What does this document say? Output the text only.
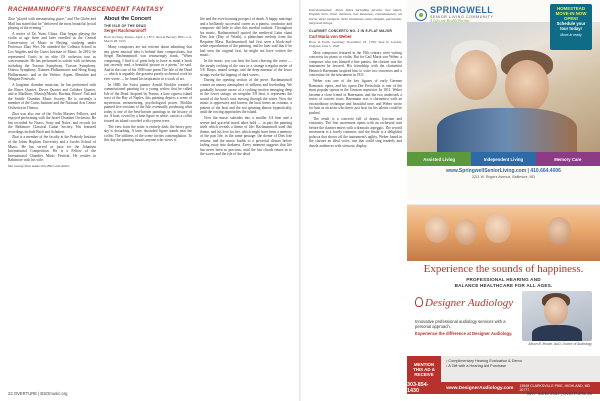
RACHMANINOFF'S TRANSCENDENT FANTASY

Zhai "played with mesmerizing grace," and The Globe and Mail has stated that he "delivered the most beautiful lyrical playing of the evening."

A native of Tai Yuan, China, Zhai began playing the violin at age three and later enrolled in the Central Conservatory of Music in Beijing, studying under Professor Zhao Wei. He attended the Colburn School in Los Angeles and the Curtis Institute of Music. In 2010, he represented Curtis in an elite US orchestra tour as concertmaster. He has performed as soloist with orchestras including the Toronto Symphony, Tucson Symphony, Ottawa Symphony, Xiamen Philharmonic and Hong Kong Philharmonic, and at the Verbier, Aspen, Menuhin and Wingate Festivals.

A longtime chamber musician, he has performed with the Ehnes Quartet, Dover Quartet and Calidore Quartet, and at Marlboro, Music@Menlo, Ravinia, Bravo! Vail and the Seattle Chamber Music Society. He is currently a member of the Curtis Institute and the National Arts Centre Orchestra in Ottawa.

Zhai was also one of the Violin Masters Fellows, and enjoyed performing with the Israel Chamber Orchestra. He has recorded for Naxos, Sony and Naïve, and records for the Baltimore Classical Guitar Society. His featured recordings include Bach and Schubert.

Zhai is a member of the faculty at the Peabody Institute of the Johns Hopkins University and a Jacobs School of Music. He has served as juror for the Johansen International Competition. He is a Fellow of the International Chamber Music Festival. He resides in Baltimore with his wife.

Yao Guang Zhai makes this BSO solo debut.

About the Concert
THE ISLE OF THE DEAD
Sergei Rachmaninoff
Born in Oneg, Russia, April 1, 1873; died in Beverly Hills, CA, March 28, 1943

Many composers are not reticent about admitting that any given musical idea is behind their compositions, but Sergei Rachmaninoff was reassuringly frank. "When composing, I find it of great help to have in mind a book just recently read, a beautiful picture or a poem," he said. And in the case of his 1909 tone poem The Isle of the Dead — which is arguably the greatest purely orchestral work he ever wrote — he found his inspiration in a work of art.

In 1880, the Swiss painter Arnold Böcklin created a commissioned painting for a young widow that he called Isle of the Dead. Inspired by Pontus, a lone cypress island west of the Bay of Naples, this painting depicts a scene of mysterious, mesmerizing, psychological power. Böcklin painted five versions of the Isle, eventually producing what today is one of the best-known paintings in the history of art. A boat, rowed by a lone figure in white, carries a coffin toward an island crowded with cypress trees.

The view from the water is entirely dark; the heavy grey sky is disturbing. A lone, shrouded figure stands near the coffin. The stillness of the scene invites contemplation. To this day the painting haunts anyone who views it.

life and the ever-looming prospect of death. A happy marriage and a brilliantly successful career as a pianist, conductor and composer did little to alter this morbid outlook. Throughout his music, Rachmaninoff quoted the medieval Latin chant Dies Irae (Day of Wrath), a plainchant melody from the Requiem Mass. Rachmaninoff had first seen a black-and-white reproduction of the painting, and he later said that if he had seen the original first, he might not have written the music.

In the music you can hear the boat cleaving the water — the steady rocking of the oars in a strange irregular meter of 5/8. Harps, muted strings, and the deep murmur of the lower strings evoke the lapping of dark waves.

During the opening section of the piece, Rachmaninoff creates an uneasy atmosphere of stillness and foreboding. We gradually become aware of a rocking motion emerging deep in the lower strings: an irregular 5/8 beat, it represents the sound of the boat's oars moving through the water. Now the music is oppressive and barren; the boat forms an ostinato, a pattern of the boat and the sea spinning almost hypnotically, until the rowing approaches the island.

Now the music subsides into a smaller 3/4 beat and a serene and graceful mood takes hold — in part the painting itself which reveals a theme of life. Rachmaninoff used this theme, and his love for her, which might have been a memory of the past life, in the same passage: the theme of Dies Irae returns, and the music builds to a powerful climax before fading away into darkness. Every moment suggests that life has never been so precious, until the last chords return us to the waves and the isle of the dead.

22 OVERTURE | BSOmusic.org

Instrumentation: Three flutes including piccolo, two oboes, English horn, three clarinets, two bassoons, contrabassoon, six horns, three trumpets, three trombones, tuba, timpani, percussion, harp and strings.

CLARINET CONCERTO NO. 2 IN E-FLAT MAJOR
Carl Maria von Weber
Born in Eutin, Germany November 18, 1786; died in London, England, June 5, 1826

Most composers featured in the 19th century were writing concertos for piano or violin. But for Carl Maria von Weber, a composer who was himself a fine pianist, the clarinet was the instrument he favored. His friendship with the clarinettist Heinrich Baermann inspired him to write two concertos and a concertino for the instrument in 1811.

Weber was one of the key figures of early German Romantic opera, and his opera Der Freischütz is one of the most popular operas in the German repertoire. In 1811, Weber became a close friend of Baermann, and the two undertook a series of concert tours. Baermann was a clarinettist with an extraordinary technique and beautiful tone, and Weber wrote for him as an artist who knew just how far his talents could be pushed.

The result is a concerto full of drama, lyricism and virtuosity. The first movement opens with an orchestral tutti before the clarinet enters with a dramatic arpeggio. The second movement is a lovely romance, and the finale is a delightful polacca that shows off the instrument's agility. Weber found in the clarinet an ideal voice, one that could sing tenderly and dazzle audiences with virtuosic display.

SPRINGWELL
SENIOR LIVING COMMUNITY
A Lifecare Health Partner
HOMESTEAD MOVE-IN NOW OPEN!
Schedule your tour today!
Move-in ready
Assisted Living	Independent Living	Memory Care
www.SpringwellSeniorLiving.com | 410.664.4006
2211 W. Rogers Avenue, Baltimore, MD
Experience the sounds of happiness.
PROFESSIONAL HEARING AND
BALANCE HEALTHCARE FOR ALL AGES.
Designer Audiology
Innovative professional audiology services with a personal approach.
Experience the difference at Designer Audiology.
Alison B. Brown, AuD, Doctor of Audiology
MENTION THIS AD & RECEIVE
• Complimentary Hearing Evaluation & Demo
• A Gift with a Hearing Aid Purchase
303-854-1430	www.DesignerAudiology.com 13548 CLARKSVILLE PIKE, HIGHLAND, MD 20777
MAY–JUNE 2019 | OVERTURE 23
